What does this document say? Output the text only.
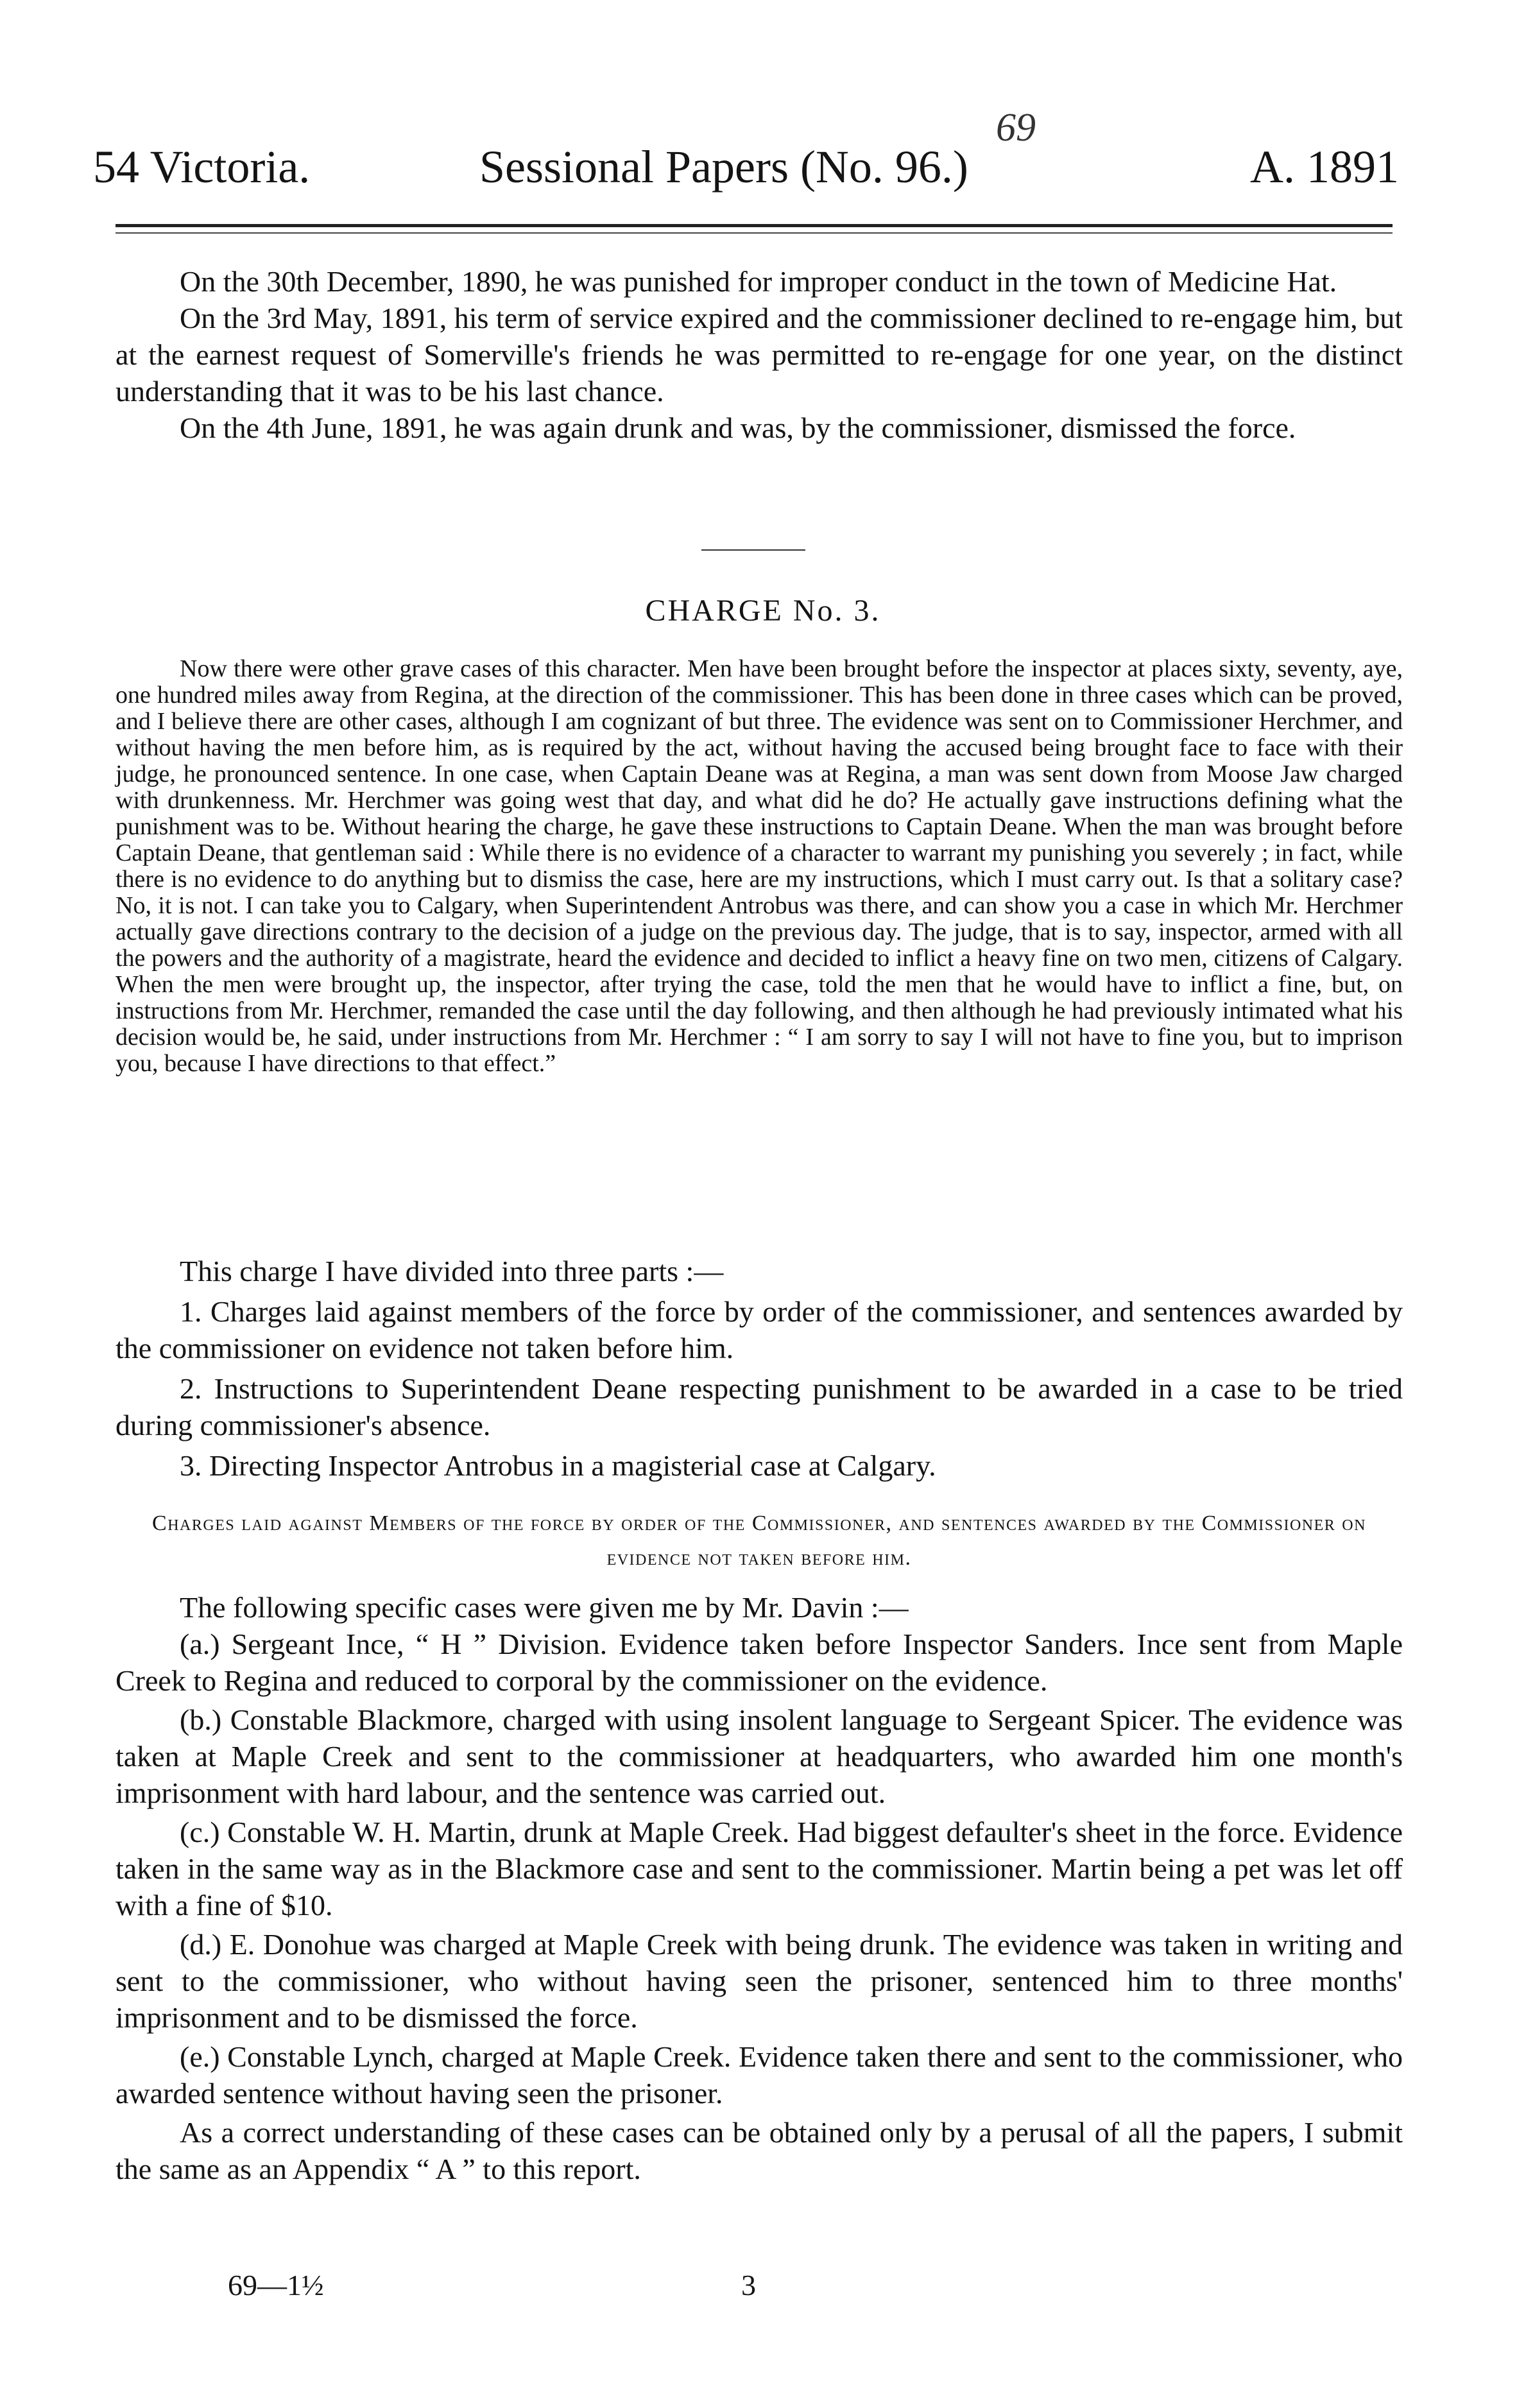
69
54 Victoria.	Sessional Papers (No. 96.)	A. 1891

On the 30th December, 1890, he was punished for improper conduct in the town of Medicine Hat.

On the 3rd May, 1891, his term of service expired and the commissioner declined to re-engage him, but at the earnest request of Somerville's friends he was permitted to re-engage for one year, on the distinct understanding that it was to be his last chance.

On the 4th June, 1891, he was again drunk and was, by the commissioner, dismissed the force.

CHARGE No. 3.

Now there were other grave cases of this character. Men have been brought before the inspector at places sixty, seventy, aye, one hundred miles away from Regina, at the direction of the commissioner. This has been done in three cases which can be proved, and I believe there are other cases, although I am cognizant of but three. The evidence was sent on to Commissioner Herchmer, and without having the men before him, as is required by the act, without having the accused being brought face to face with their judge, he pronounced sentence. In one case, when Captain Deane was at Regina, a man was sent down from Moose Jaw charged with drunkenness. Mr. Herchmer was going west that day, and what did he do? He actually gave instructions defining what the punishment was to be. Without hearing the charge, he gave these instructions to Captain Deane. When the man was brought before Captain Deane, that gentleman said : While there is no evidence of a character to warrant my punishing you severely ; in fact, while there is no evidence to do anything but to dismiss the case, here are my instructions, which I must carry out. Is that a solitary case? No, it is not. I can take you to Calgary, when Superintendent Antrobus was there, and can show you a case in which Mr. Herchmer actually gave directions contrary to the decision of a judge on the previous day. The judge, that is to say, inspector, armed with all the powers and the authority of a magistrate, heard the evidence and decided to inflict a heavy fine on two men, citizens of Calgary. When the men were brought up, the inspector, after trying the case, told the men that he would have to inflict a fine, but, on instructions from Mr. Herchmer, remanded the case until the day following, and then although he had previously intimated what his decision would be, he said, under instructions from Mr. Herchmer : “ I am sorry to say I will not have to fine you, but to imprison you, because I have directions to that effect.”

This charge I have divided into three parts :—

1. Charges laid against members of the force by order of the commissioner, and sentences awarded by the commissioner on evidence not taken before him.

2. Instructions to Superintendent Deane respecting punishment to be awarded in a case to be tried during commissioner's absence.

3. Directing Inspector Antrobus in a magisterial case at Calgary.

Charges laid against Members of the force by order of the Commissioner, and sentences awarded by the Commissioner on evidence not taken before him.

The following specific cases were given me by Mr. Davin :—

(a.) Sergeant Ince, “ H ” Division. Evidence taken before Inspector Sanders. Ince sent from Maple Creek to Regina and reduced to corporal by the commissioner on the evidence.

(b.) Constable Blackmore, charged with using insolent language to Sergeant Spicer. The evidence was taken at Maple Creek and sent to the commissioner at headquarters, who awarded him one month's imprisonment with hard labour, and the sentence was carried out.

(c.) Constable W. H. Martin, drunk at Maple Creek. Had biggest defaulter's sheet in the force. Evidence taken in the same way as in the Blackmore case and sent to the commissioner. Martin being a pet was let off with a fine of $10.

(d.) E. Donohue was charged at Maple Creek with being drunk. The evidence was taken in writing and sent to the commissioner, who without having seen the prisoner, sentenced him to three months' imprisonment and to be dismissed the force.

(e.) Constable Lynch, charged at Maple Creek. Evidence taken there and sent to the commissioner, who awarded sentence without having seen the prisoner.

As a correct understanding of these cases can be obtained only by a perusal of all the papers, I submit the same as an Appendix “ A ” to this report.

69—1½	3
